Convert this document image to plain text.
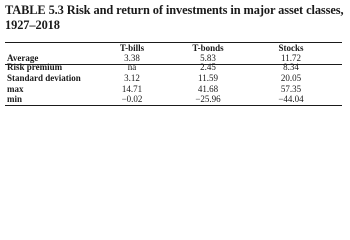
TABLE 5.3 Risk and return of investments in major asset classes,
1927–2018
T-bills	T-bonds	Stocks
Average	3.38	5.83	11.72
Risk premium	na	2.45	8.34
Standard deviation	3.12	11.59	20.05
max	14.71	41.68	57.35
min	−0.02	−25.96	−44.04
